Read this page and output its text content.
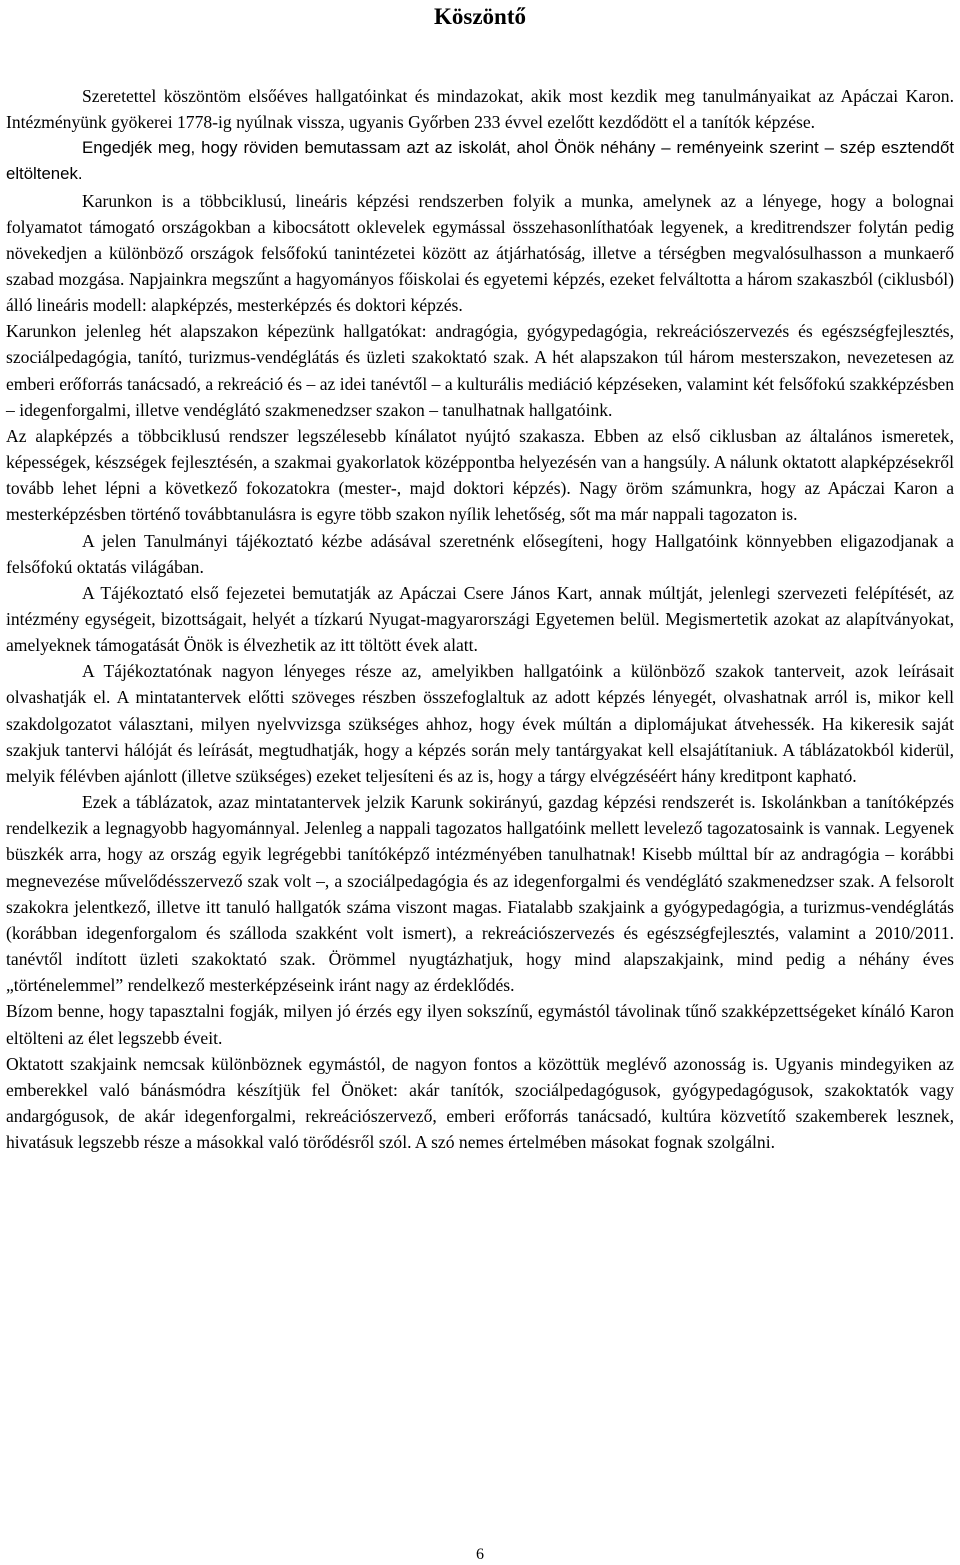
Köszöntő

Szeretettel köszöntöm elsőéves hallgatóinkat és mindazokat, akik most kezdik meg tanulmányaikat az Apáczai Karon. Intézményünk gyökerei 1778-ig nyúlnak vissza, ugyanis Győrben 233 évvel ezelőtt kezdődött el a tanítók képzése.

Engedjék meg, hogy röviden bemutassam azt az iskolát, ahol Önök néhány – reményeink szerint – szép esztendőt eltöltenek.

Karunkon is a többciklusú, lineáris képzési rendszerben folyik a munka, amelynek az a lényege, hogy a bolognai folyamatot támogató országokban a kibocsátott oklevelek egymással összehasonlíthatóak legyenek, a kreditrendszer folytán pedig növekedjen a különböző országok felsőfokú tanintézetei között az átjárhatóság, illetve a térségben megvalósulhasson a munkaerő szabad mozgása. Napjainkra megszűnt a hagyományos főiskolai és egyetemi képzés, ezeket felváltotta a három szakaszból (ciklusból) álló lineáris modell: alapképzés, mesterképzés és doktori képzés.

Karunkon jelenleg hét alapszakon képezünk hallgatókat: andragógia, gyógypedagógia, rekreációszervezés és egészségfejlesztés, szociálpedagógia, tanító, turizmus-vendéglátás és üzleti szakoktató szak. A hét alapszakon túl három mesterszakon, nevezetesen az emberi erőforrás tanácsadó, a rekreáció és – az idei tanévtől – a kulturális mediáció képzéseken, valamint két felsőfokú szakképzésben – idegenforgalmi, illetve vendéglátó szakmenedzser szakon – tanulhatnak hallgatóink.

Az alapképzés a többciklusú rendszer legszélesebb kínálatot nyújtó szakasza. Ebben az első ciklusban az általános ismeretek, képességek, készségek fejlesztésén, a szakmai gyakorlatok középpontba helyezésén van a hangsúly. A nálunk oktatott alapképzésekről tovább lehet lépni a következő fokozatokra (mester-, majd doktori képzés). Nagy öröm számunkra, hogy az Apáczai Karon a mesterképzésben történő továbbtanulásra is egyre több szakon nyílik lehetőség, sőt ma már nappali tagozaton is.

A jelen Tanulmányi tájékoztató kézbe adásával szeretnénk elősegíteni, hogy Hallgatóink könnyebben eligazodjanak a felsőfokú oktatás világában.

A Tájékoztató első fejezetei bemutatják az Apáczai Csere János Kart, annak múltját, jelenlegi szervezeti felépítését, az intézmény egységeit, bizottságait, helyét a tízkarú Nyugat-magyarországi Egyetemen belül. Megismertetik azokat az alapítványokat, amelyeknek támogatását Önök is élvezhetik az itt töltött évek alatt.

A Tájékoztatónak nagyon lényeges része az, amelyikben hallgatóink a különböző szakok tanterveit, azok leírásait olvashatják el. A mintatantervek előtti szöveges részben összefoglaltuk az adott képzés lényegét, olvashatnak arról is, mikor kell szakdolgozatot választani, milyen nyelvvizsga szükséges ahhoz, hogy évek múltán a diplomájukat átvehessék. Ha kikeresik saját szakjuk tantervi hálóját és leírását, megtudhatják, hogy a képzés során mely tantárgyakat kell elsajátítaniuk. A táblázatokból kiderül, melyik félévben ajánlott (illetve szükséges) ezeket teljesíteni és az is, hogy a tárgy elvégzéséért hány kreditpont kapható.

Ezek a táblázatok, azaz mintatantervek jelzik Karunk sokirányú, gazdag képzési rendszerét is. Iskolánkban a tanítóképzés rendelkezik a legnagyobb hagyománnyal. Jelenleg a nappali tagozatos hallgatóink mellett levelező tagozatosaink is vannak. Legyenek büszkék arra, hogy az ország egyik legrégebbi tanítóképző intézményében tanulhatnak! Kisebb múlttal bír az andragógia – korábbi megnevezése művelődésszervező szak volt –, a szociálpedagógia és az idegenforgalmi és vendéglátó szakmenedzser szak. A felsorolt szakokra jelentkező, illetve itt tanuló hallgatók száma viszont magas. Fiatalabb szakjaink a gyógypedagógia, a turizmus-vendéglátás (korábban idegenforgalom és szálloda szakként volt ismert), a rekreációszervezés és egészségfejlesztés, valamint a 2010/2011. tanévtől indított üzleti szakoktató szak. Örömmel nyugtázhatjuk, hogy mind alapszakjaink, mind pedig a néhány éves „történelemmel” rendelkező mesterképzéseink iránt nagy az érdeklődés.

Bízom benne, hogy tapasztalni fogják, milyen jó érzés egy ilyen sokszínű, egymástól távolinak tűnő szakképzettségeket kínáló Karon eltölteni az élet legszebb éveit.

Oktatott szakjaink nemcsak különböznek egymástól, de nagyon fontos a közöttük meglévő azonosság is. Ugyanis mindegyiken az emberekkel való bánásmódra készítjük fel Önöket: akár tanítók, szociálpedagógusok, gyógypedagógusok, szakoktatók vagy andargógusok, de akár idegenforgalmi, rekreációszervező, emberi erőforrás tanácsadó, kultúra közvetítő szakemberek lesznek, hivatásuk legszebb része a másokkal való törődésről szól. A szó nemes értelmében másokat fognak szolgálni.

6
